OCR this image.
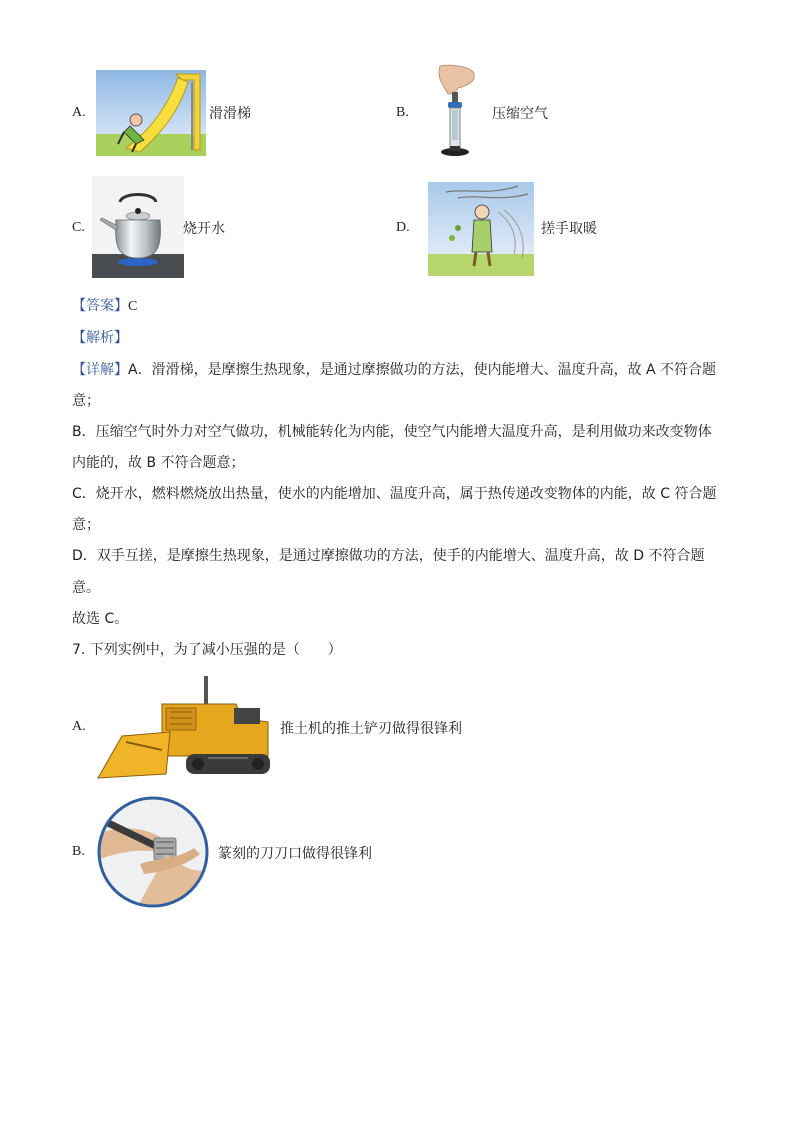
A.	滑滑梯	B.	压缩空气
C.	烧开水	D.	搓手取暖
【答案】C
【解析】
【详解】A．滑滑梯，是摩擦生热现象，是通过摩擦做功的方法，使内能增大、温度升高，故 A 不符合题
意；
B．压缩空气时外力对空气做功，机械能转化为内能，使空气内能增大温度升高，是利用做功来改变物体
内能的，故 B 不符合题意；
C．烧开水，燃料燃烧放出热量，使水的内能增加、温度升高，属于热传递改变物体的内能，故 C 符合题
意；
D．双手互搓，是摩擦生热现象，是通过摩擦做功的方法，使手的内能增大、温度升高，故 D 不符合题
意。
故选 C。
7. 下列实例中，为了减小压强的是（　　）
A.	推土机的推土铲刃做得很锋利
B.	篆刻的刀刀口做得很锋利
